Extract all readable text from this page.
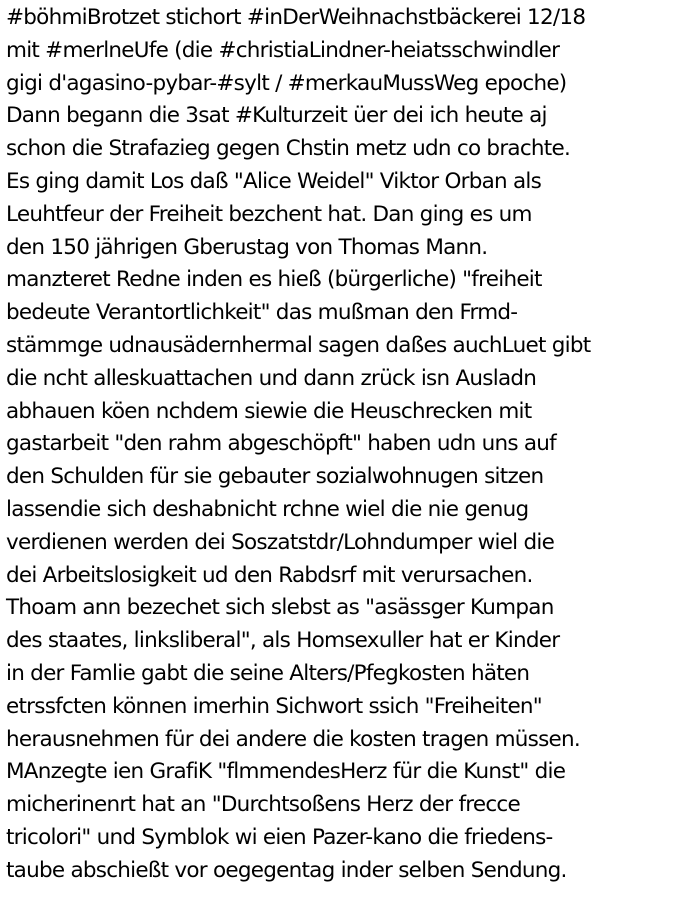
#böhmiBrotzet stichort #inDerWeihnachstbäckerei 12/18
mit #merlneUfe (die #christiaLindner-heiatsschwindler
gigi d'agasino-pybar-#sylt / #merkauMussWeg epoche)
Dann begann die 3sat #Kulturzeit üer dei ich heute aj
schon die Strafazieg gegen Chstin metz udn co brachte.
Es ging damit Los daß "Alice Weidel" Viktor Orban als
Leuhtfeur der Freiheit bezchent hat. Dan ging es um
den 150 jährigen Gberustag von Thomas Mann.
manzteret Redne inden es hieß (bürgerliche) "freiheit
bedeute Verantortlichkeit" das mußman den Frmd-
stämmge udnausädernhermal sagen daßes auchLuet gibt
die ncht alleskuattachen und dann zrück isn Ausladn
abhauen köen nchdem siewie die Heuschrecken mit
gastarbeit "den rahm abgeschöpft" haben udn uns auf
den Schulden für sie gebauter sozialwohnugen sitzen
lassendie sich deshabnicht rchne wiel die nie genug
verdienen werden dei Soszatstdr/Lohndumper wiel die
dei Arbeitslosigkeit ud den Rabdsrf mit verursachen.
Thoam ann bezechet sich slebst as "asässger Kumpan
des staates, linksliberal", als Homsexuller hat er Kinder
in der Famlie gabt die seine Alters/Pfegkosten häten
etrssfcten können imerhin Sichwort ssich "Freiheiten"
herausnehmen für dei andere die kosten tragen müssen.
MAnzegte ien GrafiK "flmmendesHerz für die Kunst" die
micherinenrt hat an "Durchtsoßens Herz der frecce
tricolori" und Symblok wi eien Pazer-kano die friedens-
taube abschießt vor oegegentag inder selben Sendung.
